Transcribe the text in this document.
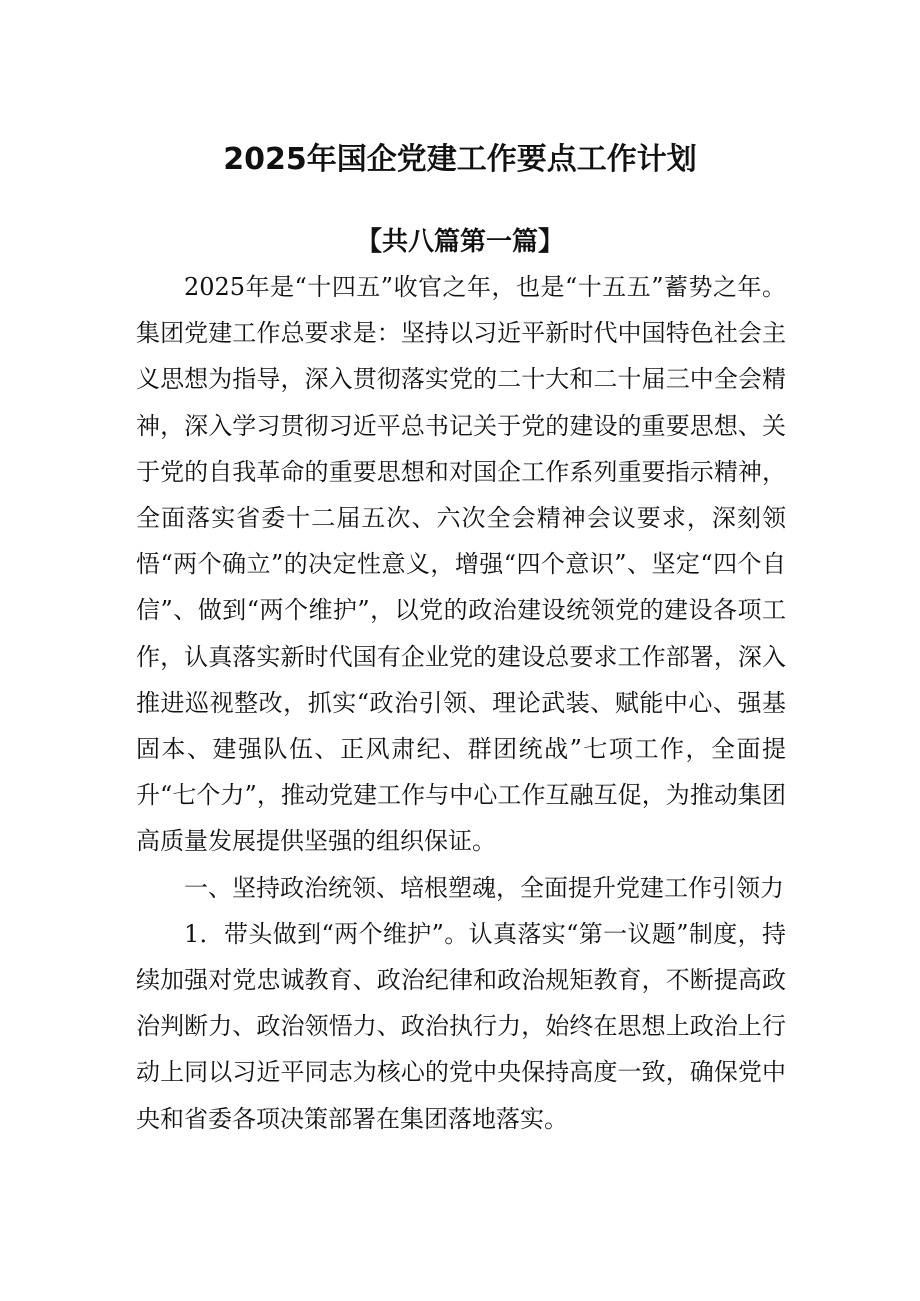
2025年国企党建工作要点工作计划
【共八篇第一篇】

2025年是“十四五”收官之年，也是“十五五”蓄势之年。集团党建工作总要求是：坚持以习近平新时代中国特色社会主义思想为指导，深入贯彻落实党的二十大和二十届三中全会精神，深入学习贯彻习近平总书记关于党的建设的重要思想、关于党的自我革命的重要思想和对国企工作系列重要指示精神，全面落实省委十二届五次、六次全会精神会议要求，深刻领悟“两个确立”的决定性意义，增强“四个意识”、坚定“四个自信”、做到“两个维护”，以党的政治建设统领党的建设各项工作，认真落实新时代国有企业党的建设总要求工作部署，深入推进巡视整改，抓实“政治引领、理论武装、赋能中心、强基固本、建强队伍、正风肃纪、群团统战”七项工作，全面提升“七个力”，推动党建工作与中心工作互融互促，为推动集团高质量发展提供坚强的组织保证。

一、坚持政治统领、培根塑魂，全面提升党建工作引领力

1．带头做到“两个维护”。认真落实“第一议题”制度，持续加强对党忠诚教育、政治纪律和政治规矩教育，不断提高政治判断力、政治领悟力、政治执行力，始终在思想上政治上行动上同以习近平同志为核心的党中央保持高度一致，确保党中央和省委各项决策部署在集团落地落实。
